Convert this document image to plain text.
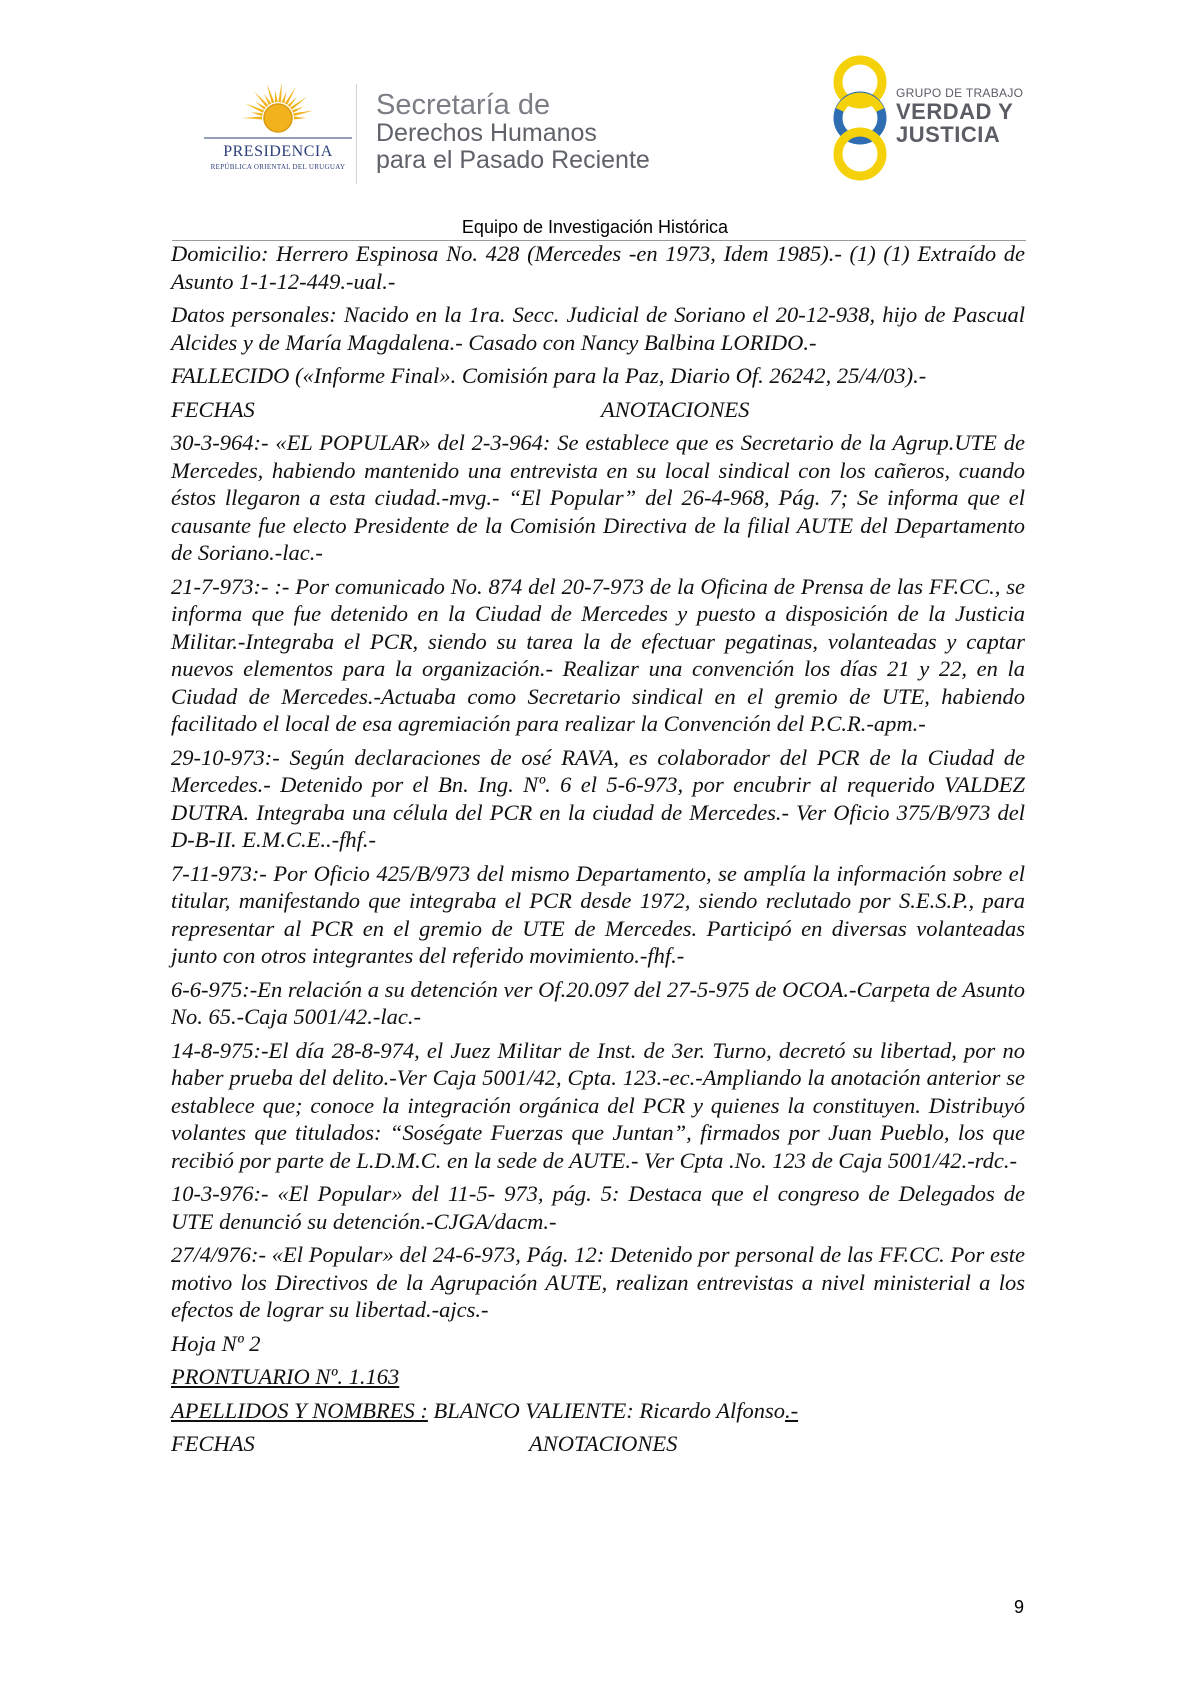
PRESIDENCIA
REPÚBLICA ORIENTAL DEL URUGUAY
Secretaría de
Derechos Humanos
para el Pasado Reciente
GRUPO DE TRABAJO
VERDAD Y
JUSTICIA
Equipo de Investigación Histórica

Domicilio: Herrero Espinosa No. 428 (Mercedes -en 1973, Idem 1985).- (1) (1) Extraído de Asunto 1-1-12-449.-ual.-

Datos personales: Nacido en la 1ra. Secc. Judicial de Soriano el 20-12-938, hijo de Pascual Alcides y de María Magdalena.- Casado con Nancy Balbina LORIDO.-

FALLECIDO («Informe Final». Comisión para la Paz, Diario Of. 26242, 25/4/03).-

FECHAS	ANOTACIONES

30-3-964:- «EL POPULAR» del 2-3-964: Se establece que es Secretario de la Agrup.UTE de Mercedes, habiendo mantenido una entrevista en su local sindical con los cañeros, cuando éstos llegaron a esta ciudad.-mvg.- “El Popular” del 26-4-968, Pág. 7; Se informa que el causante fue electo Presidente de la Comisión Directiva de la filial AUTE del Departamento de Soriano.-lac.-

21-7-973:- :- Por comunicado No. 874 del 20-7-973 de la Oficina de Prensa de las FF.CC., se informa que fue detenido en la Ciudad de Mercedes y puesto a disposición de la Justicia Militar.-Integraba el PCR, siendo su tarea la de efectuar pegatinas, volanteadas y captar nuevos elementos para la organización.- Realizar una convención los días 21 y 22, en la Ciudad de Mercedes.-Actuaba como Secretario sindical en el gremio de UTE, habiendo facilitado el local de esa agremiación para realizar la Convención del P.C.R.-apm.-

29-10-973:- Según declaraciones de osé RAVA, es colaborador del PCR de la Ciudad de Mercedes.- Detenido por el Bn. Ing. Nº. 6 el 5-6-973, por encubrir al requerido VALDEZ DUTRA. Integraba una célula del PCR en la ciudad de Mercedes.- Ver Oficio 375/B/973 del D-B-II. E.M.C.E..-fhf.-

7-11-973:- Por Oficio 425/B/973 del mismo Departamento, se amplía la información sobre el titular, manifestando que integraba el PCR desde 1972, siendo reclutado por S.E.S.P., para representar al PCR en el gremio de UTE de Mercedes. Participó en diversas volanteadas junto con otros integrantes del referido movimiento.-fhf.-

6-6-975:-En relación a su detención ver Of.20.097 del 27-5-975 de OCOA.-Carpeta de Asunto No. 65.-Caja 5001/42.-lac.-

14-8-975:-El día 28-8-974, el Juez Militar de Inst. de 3er. Turno, decretó su libertad, por no haber prueba del delito.-Ver Caja 5001/42, Cpta. 123.-ec.-Ampliando la anotación anterior se establece que; conoce la integración orgánica del PCR y quienes la constituyen. Distribuyó volantes que titulados: “Soségate Fuerzas que Juntan”, firmados por Juan Pueblo, los que recibió por parte de L.D.M.C. en la sede de AUTE.- Ver Cpta .No. 123 de Caja 5001/42.-rdc.-

10-3-976:- «El Popular» del 11-5- 973, pág. 5: Destaca que el congreso de Delegados de UTE denunció su detención.-CJGA/dacm.-

27/4/976:- «El Popular» del 24-6-973, Pág. 12: Detenido por personal de las FF.CC. Por este motivo los Directivos de la Agrupación AUTE, realizan entrevistas a nivel ministerial a los efectos de lograr su libertad.-ajcs.-

Hoja Nº 2

PRONTUARIO Nº. 1.163

APELLIDOS Y NOMBRES : BLANCO VALIENTE: Ricardo Alfonso.-

FECHAS	ANOTACIONES
9
